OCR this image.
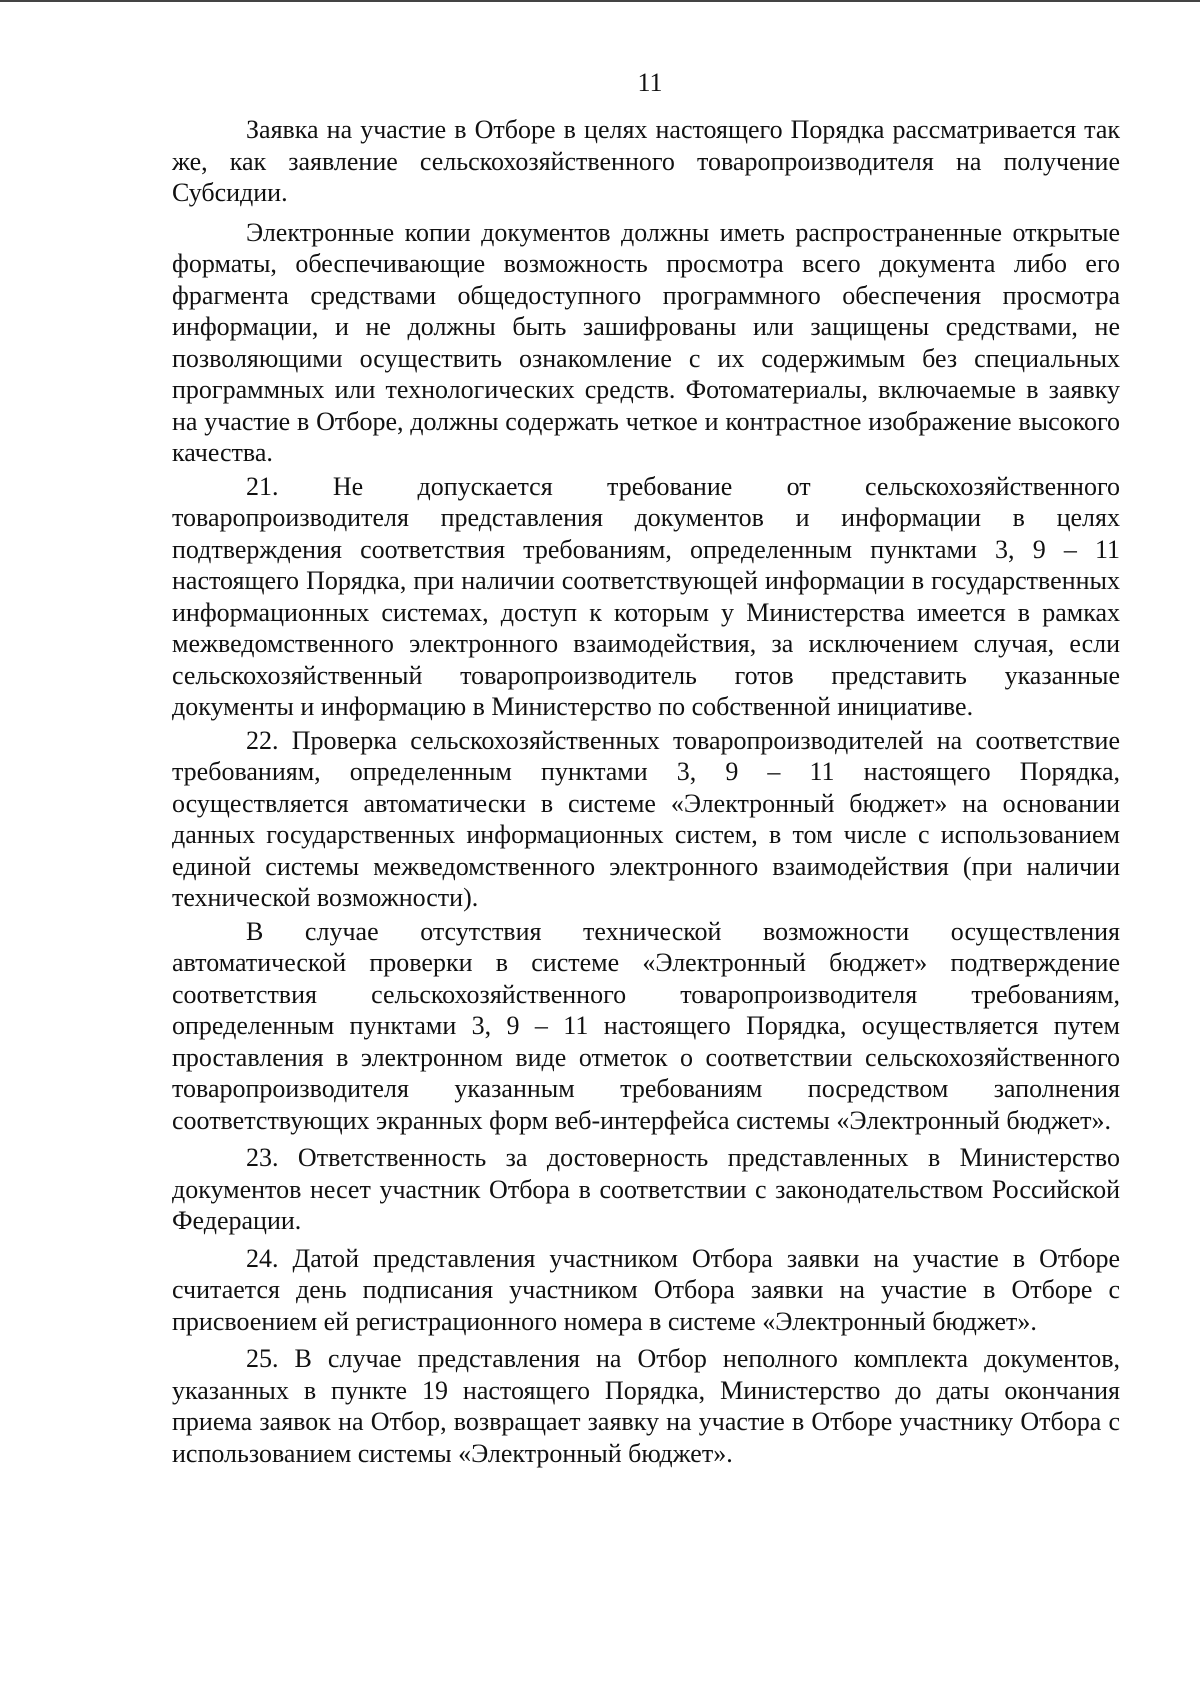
11

Заявка на участие в Отборе в целях настоящего Порядка рассматривается так же, как заявление сельскохозяйственного товаропроизводителя на получение Субсидии.

Электронные копии документов должны иметь распространенные открытые форматы, обеспечивающие возможность просмотра всего документа либо его фрагмента средствами общедоступного программного обеспечения просмотра информации, и не должны быть зашифрованы или защищены средствами, не позволяющими осуществить ознакомление с их содержимым без специальных программных или технологических средств. Фотоматериалы, включаемые в заявку на участие в Отборе, должны содержать четкое и контрастное изображение высокого качества.

21. Не допускается требование от сельскохозяйственного товаропроизводителя представления документов и информации в целях подтверждения соответствия требованиям, определенным пунктами 3, 9 – 11 настоящего Порядка, при наличии соответствующей информации в государственных информационных системах, доступ к которым у Министерства имеется в рамках межведомственного электронного взаимодействия, за исключением случая, если сельскохозяйственный товаропроизводитель готов представить указанные документы и информацию в Министерство по собственной инициативе.

22. Проверка сельскохозяйственных товаропроизводителей на соответствие требованиям, определенным пунктами 3, 9 – 11 настоящего Порядка, осуществляется автоматически в системе «Электронный бюджет» на основании данных государственных информационных систем, в том числе с использованием единой системы межведомственного электронного взаимодействия (при наличии технической возможности).

В случае отсутствия технической возможности осуществления автоматической проверки в системе «Электронный бюджет» подтверждение соответствия сельскохозяйственного товаропроизводителя требованиям, определенным пунктами 3, 9 – 11 настоящего Порядка, осуществляется путем проставления в электронном виде отметок о соответствии сельскохозяйственного товаропроизводителя указанным требованиям посредством заполнения соответствующих экранных форм веб-интерфейса системы «Электронный бюджет».

23. Ответственность за достоверность представленных в Министерство документов несет участник Отбора в соответствии с законодательством Российской Федерации.

24. Датой представления участником Отбора заявки на участие в Отборе считается день подписания участником Отбора заявки на участие в Отборе с присвоением ей регистрационного номера в системе «Электронный бюджет».

25. В случае представления на Отбор неполного комплекта документов, указанных в пункте 19 настоящего Порядка, Министерство до даты окончания приема заявок на Отбор, возвращает заявку на участие в Отборе участнику Отбора с использованием системы «Электронный бюджет».
